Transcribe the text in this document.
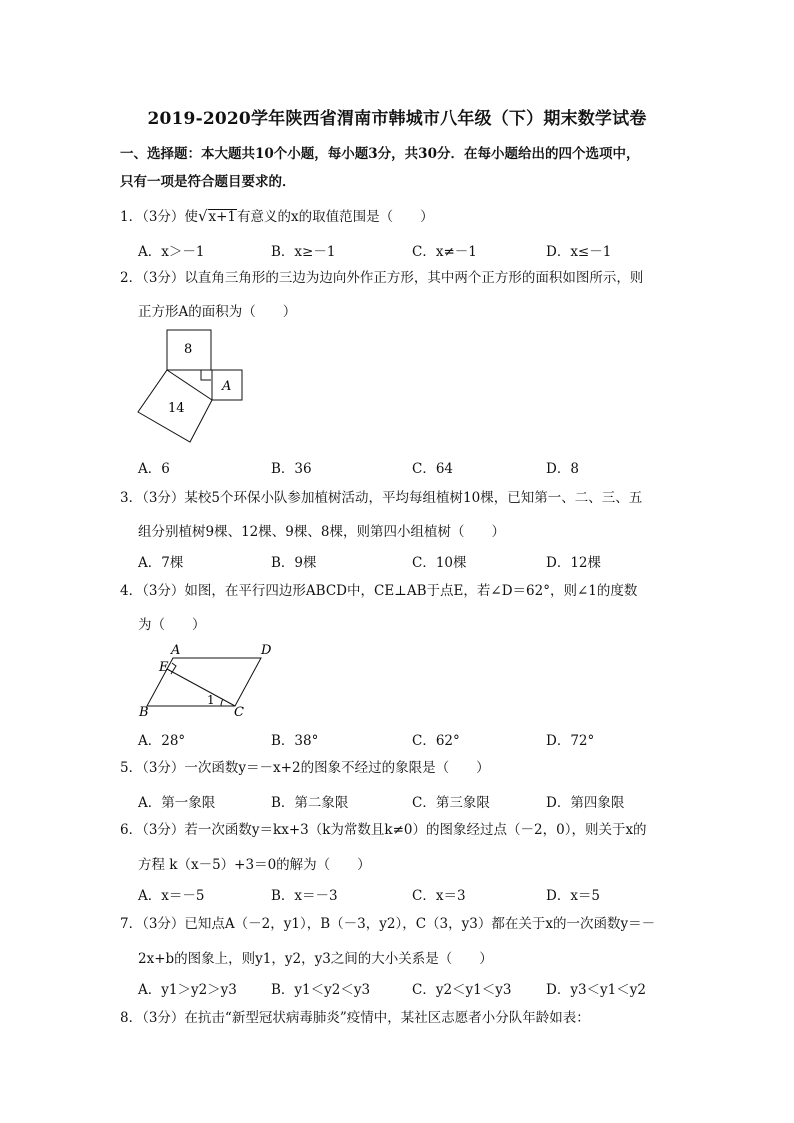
2019-2020学年陕西省渭南市韩城市八年级（下）期末数学试卷
一、选择题：本大题共10个小题，每小题3分，共30分．在每小题给出的四个选项中，
只有一项是符合题目要求的．
1．（3分）使√x+1有意义的x的取值范围是（　　）
A．x＞－1	B．x≥－1	C．x≠－1	D．x≤－1
2．（3分）以直角三角形的三边为边向外作正方形，其中两个正方形的面积如图所示，则
正方形A的面积为（　　）
8
14
A
A．6	B．36	C．64	D．8
3．（3分）某校5个环保小队参加植树活动，平均每组植树10棵，已知第一、二、三、五
组分别植树9棵、12棵、9棵、8棵，则第四小组植树（　　）
A．7棵	B．9棵	C．10棵	D．12棵
4．（3分）如图，在平行四边形ABCD中，CE⊥AB于点E，若∠D＝62°，则∠1的度数
为（　　）
A	D
E
B	C
1
A．28°	B．38°	C．62°	D．72°
5．（3分）一次函数y＝－x+2的图象不经过的象限是（　　）
A．第一象限	B．第二象限	C．第三象限	D．第四象限
6．（3分）若一次函数y＝kx+3（k为常数且k≠0）的图象经过点（－2，0），则关于x的
方程 k（x－5）+3＝0的解为（　　）
A．x＝－5	B．x＝－3	C．x＝3	D．x＝5
7．（3分）已知点A（－2，y1），B（－3，y2），C（3，y3）都在关于x的一次函数y＝－
2x+b的图象上，则y1，y2，y3之间的大小关系是（　　）
A．y1＞y2＞y3	B．y1＜y2＜y3	C．y2＜y1＜y3	D．y3＜y1＜y2
8．（3分）在抗击“新型冠状病毒肺炎”疫情中，某社区志愿者小分队年龄如表：
